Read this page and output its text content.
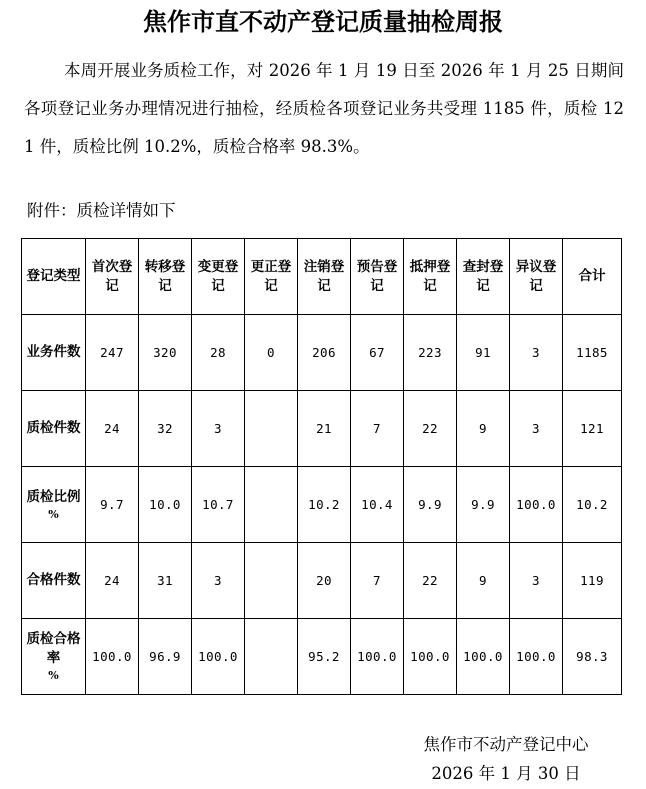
焦作市直不动产登记质量抽检周报
本周开展业务质检工作，对 2026 年 1 月 19 日至 2026 年 1 月 25 日期间各项登记业务办理情况进行抽检，经质检各项登记业务共受理 1185 件，质检 121 件，质检比例 10.2%，质检合格率 98.3%。
附件：质检详情如下
登记类型	首次登记	转移登记	变更登记	更正登记	注销登记	预告登记	抵押登记	查封登记	异议登记	合计
业务件数	247	320	28	0	206	67	223	91	3	1185
质检件数	24	32	3		21	7	22	9	3	121
质检比例
%	9.7	10.0	10.7		10.2	10.4	9.9	9.9	100.0	10.2
合格件数	24	31	3		20	7	22	9	3	119
质检合格率
%	100.0	96.9	100.0		95.2	100.0	100.0	100.0	100.0	98.3
焦作市不动产登记中心
2026 年 1 月 30 日
